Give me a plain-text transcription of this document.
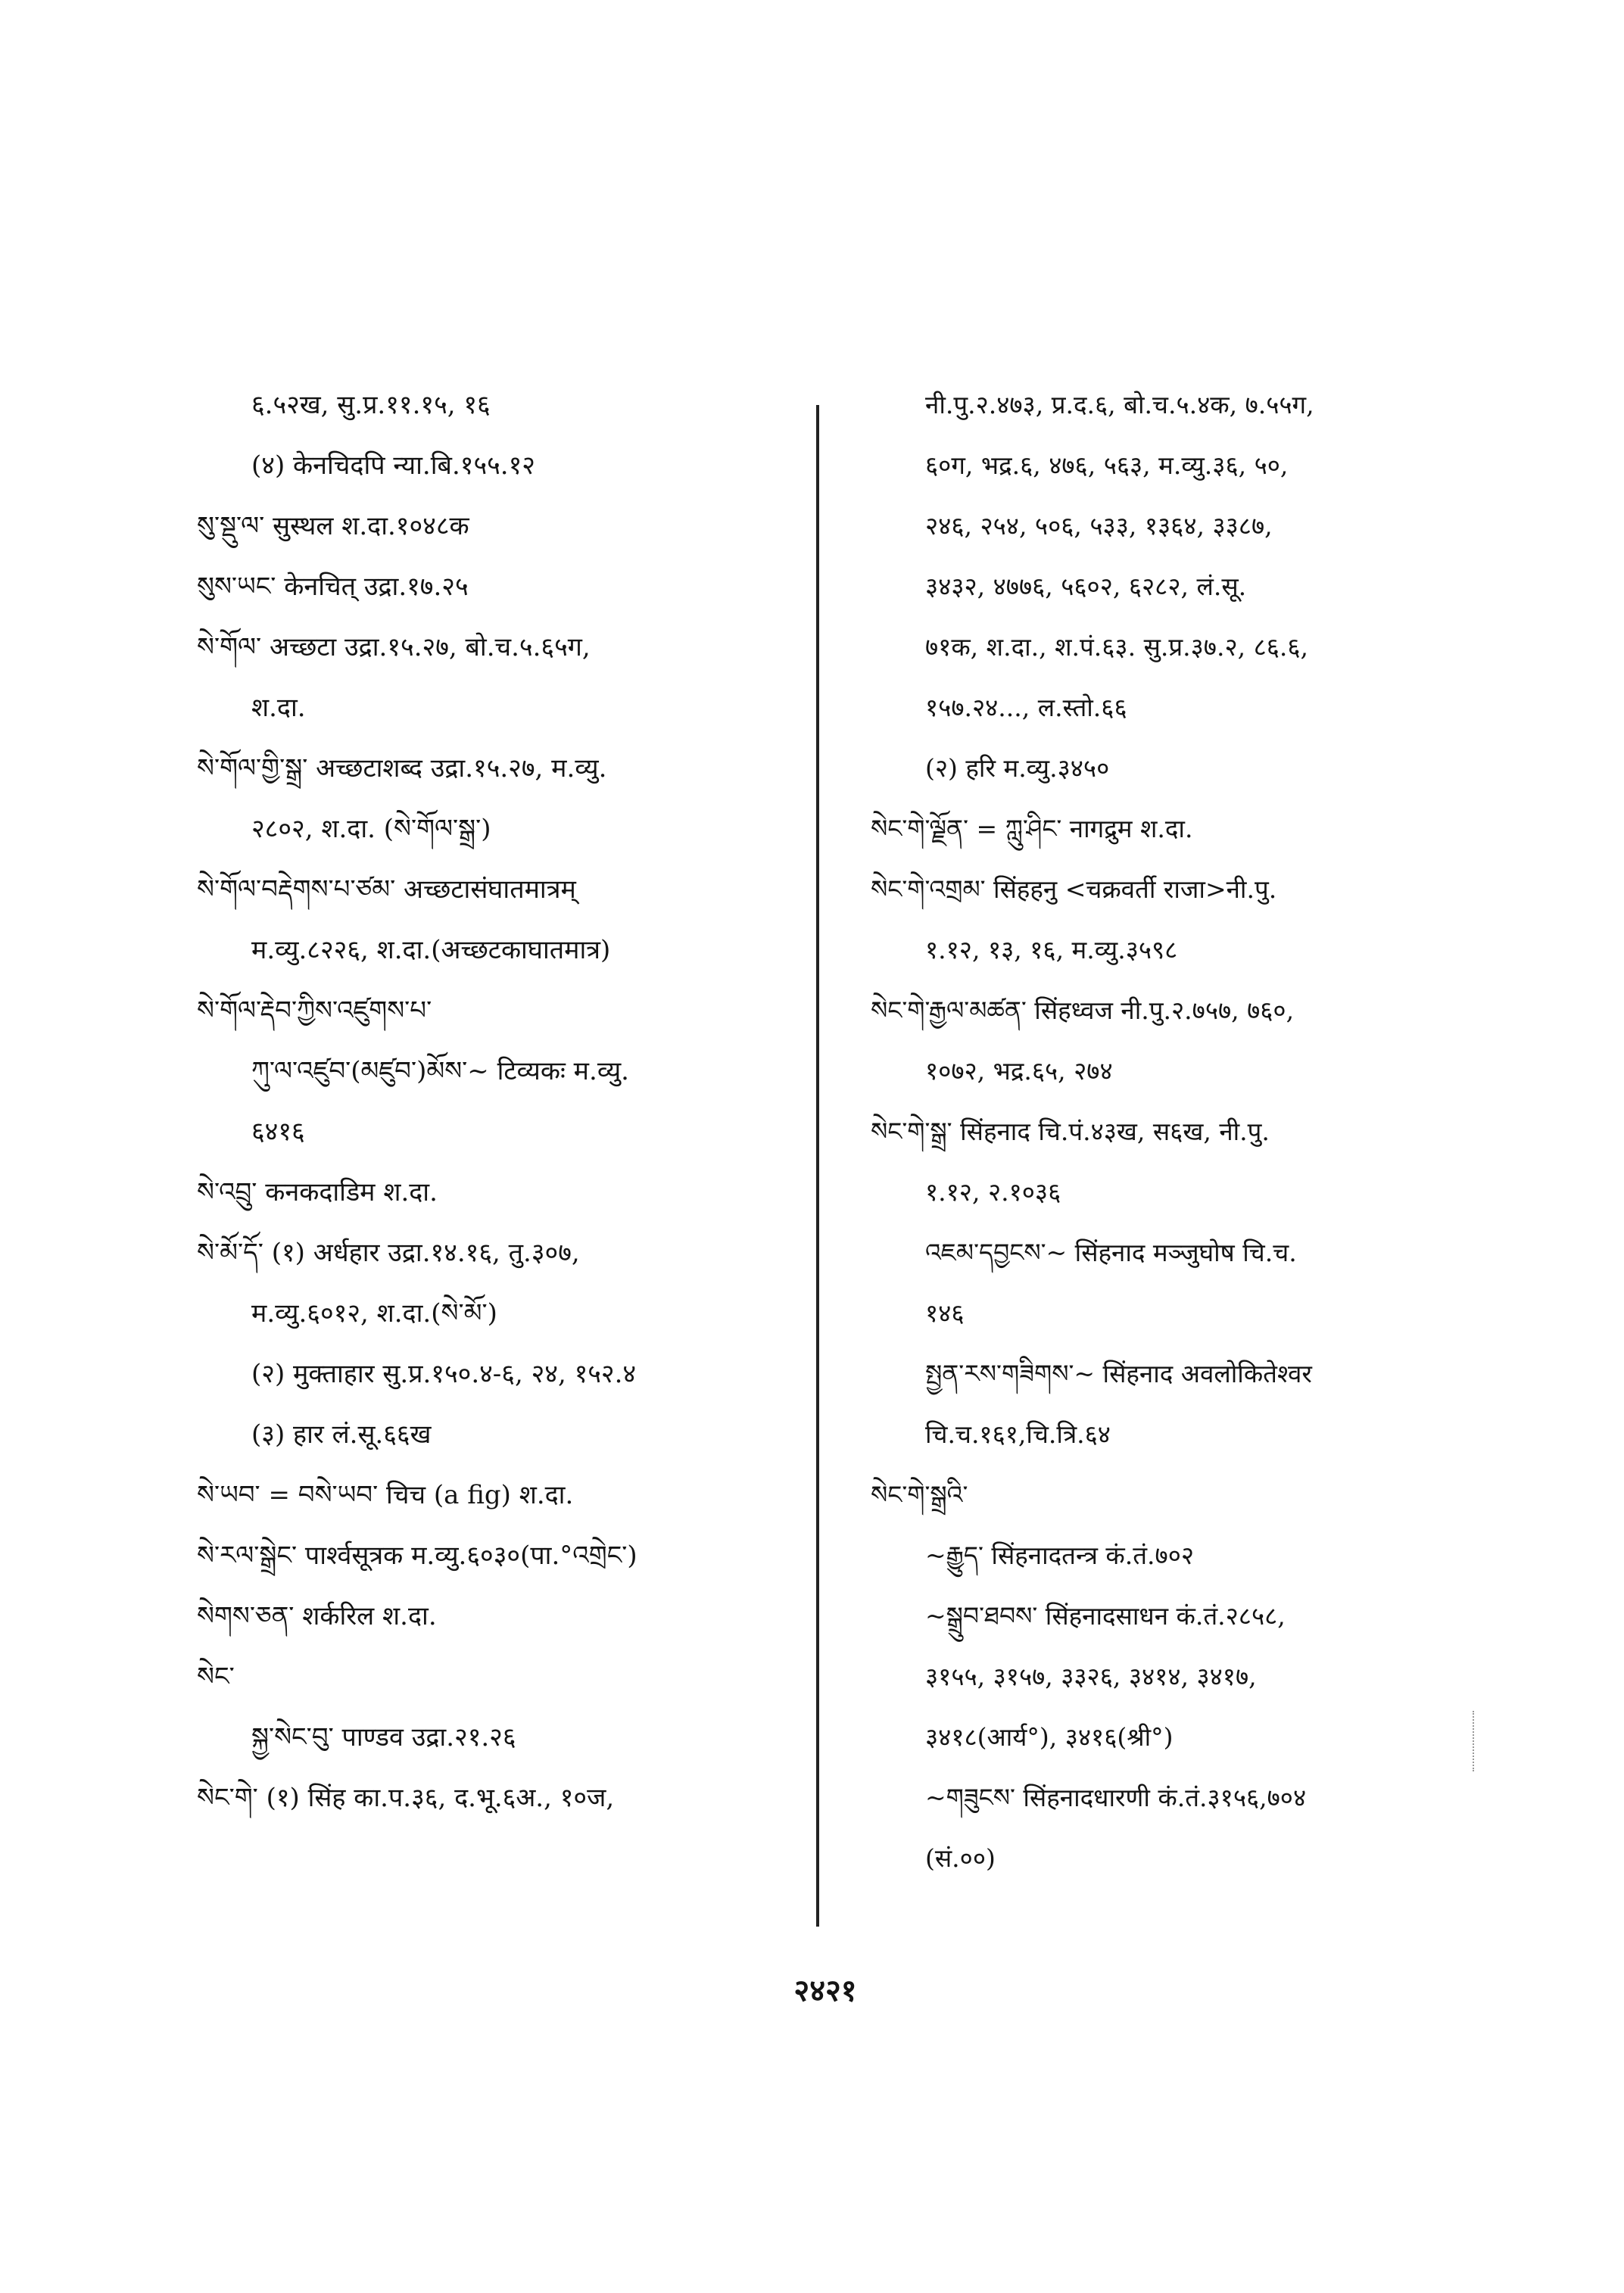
६.५२ख, सु.प्र.११.१५, १६
(४) केनचिदपि न्या.बि.१५५.१२
སུ་སྡུ་ལ་ सुस्थल श.दा.१०४८क
སུས་ཡང་ केनचित् उद्रा.१७.२५
སེ་གོལ་ अच्छटा उद्रा.१५.२७, बो.च.५.६५ग,
श.दा.
སེ་གོལ་གྱི་སྒྲ་ अच्छटाशब्द उद्रा.१५.२७, म.व्यु.
२८०२, श.दा. (སེ་གོལ་སྒྲ་)
སེ་གོལ་བརྡེགས་པ་ཙམ་ अच्छटासंघातमात्रम्
म.व्यु.८२२६, श.दा.(अच्छटकाघातमात्र)
སེ་གོལ་རྡེབ་ཀྱིས་འཛུགས་པ་
ཀུ་ལ་འཛུབ་(མཛུབ་)མོས་~ टिव्यकः म.व्यु.
६४१६
སེ་འབྲུ་ कनकदाडिम श.दा.
སེ་མོ་དོ་ (१) अर्धहार उद्रा.१४.१६, तु.३०७,
म.व्यु.६०१२, श.दा.(སེ་མོ་)
(२) मुक्ताहार सु.प्र.१५०.४-६, २४, १५२.४
(३) हार लं.सू.६६ख
སེ་ཡབ་ = བསེ་ཡབ་ चिच (a fig) श.दा.
སེ་རལ་སྒྲེང་ पार्श्वसूत्रक म.व्यु.६०३०(पा.°འགྲེང་)
སེགས་ཅན་ शर्करिल श.दा.
སེང་
སྐྱ་སེང་བུ་ पाण्डव उद्रा.२१.२६
སེང་གེ་ (१) सिंह का.प.३६, द.भू.६अ., १०ज,
नी.पु.२.४७३, प्र.द.६, बो.च.५.४क, ७.५५ग,
६०ग, भद्र.६, ४७६, ५६३, म.व्यु.३६, ५०,
२४६, २५४, ५०६, ५३३, १३६४, ३३८७,
३४३२, ४७७६, ५६०२, ६२८२, लं.सू.
७१क, श.दा., श.पं.६३. सु.प्र.३७.२, ८६.६,
१५७.२४..., ल.स्तो.६६
(२) हरि म.व्यु.३४५०
སེང་གེ་ལྗོན་ = ཀླུ་ཤིང་ नागद्रुम श.दा.
སེང་གེ་འགྲམ་ सिंहहनु <चक्रवर्ती राजा>नी.पु.
१.१२, १३, १६, म.व्यु.३५९८
སེང་གེ་རྒྱལ་མཚན་ सिंहध्वज नी.पु.२.७५७, ७६०,
१०७२, भद्र.६५, २७४
སེང་གེ་སྒྲ་ सिंहनाद चि.पं.४३ख, स६ख, नी.पु.
१.१२, २.१०३६
འཇམ་དབྱངས་~ सिंहनाद मञ्जुघोष चि.च.
१४६
སྤྱན་རས་གཟིགས་~ सिंहनाद अवलोकितेश्वर
चि.च.१६१,चि.त्रि.६४
སེང་གེ་སྒྲའི་
~རྒྱུད་ सिंहनादतन्त्र कं.तं.७०२
~སྒྲུབ་ཐབས་ सिंहनादसाधन कं.तं.२८५८,
३१५५, ३१५७, ३३२६, ३४१४, ३४१७,
३४१८(आर्य°), ३४१६(श्री°)
~གཟུངས་ सिंहनादधारणी कं.तं.३१५६,७०४
(सं.००)
२४२१
